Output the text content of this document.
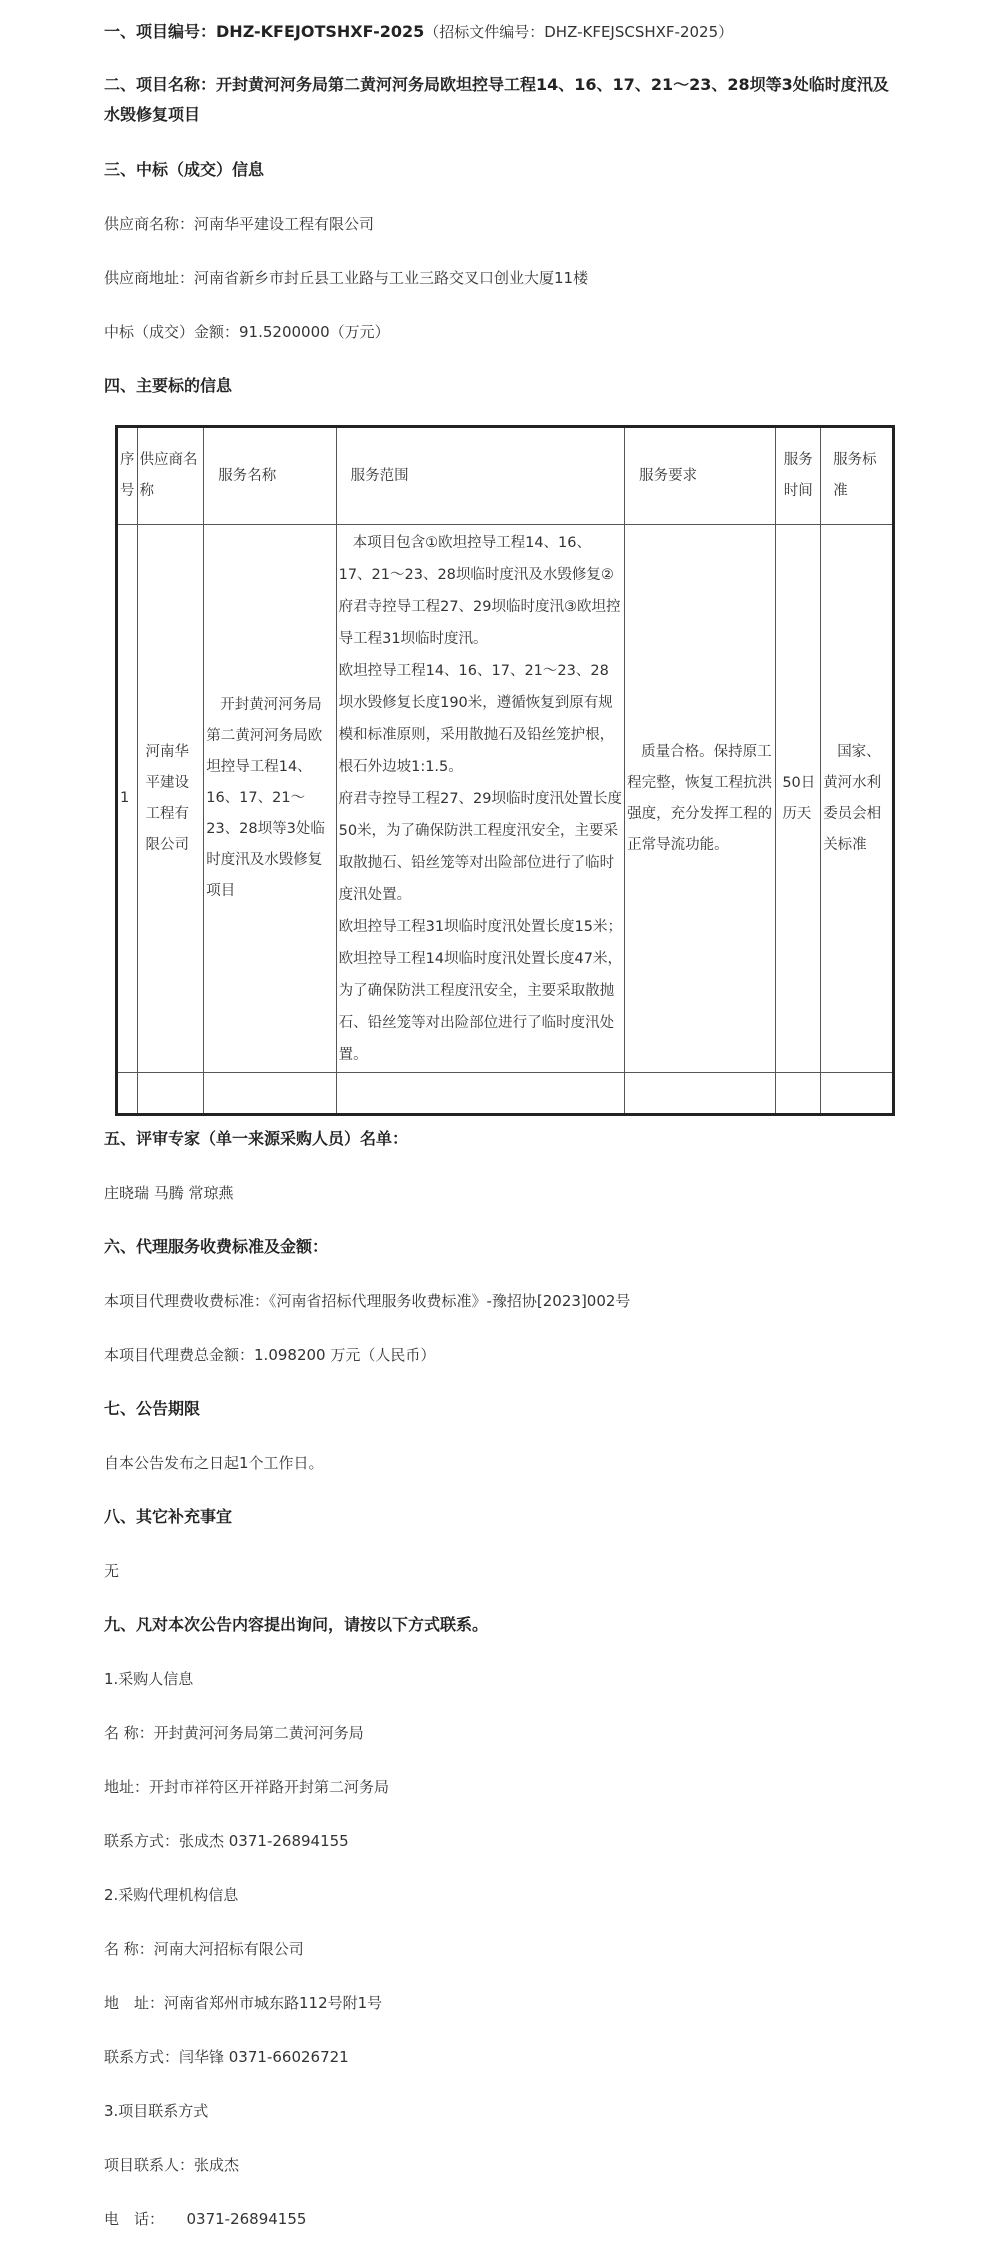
一、项目编号：DHZ-KFEJOTSHXF-2025（招标文件编号：DHZ-KFEJSCSHXF-2025）
二、项目名称：开封黄河河务局第二黄河河务局欧坦控导工程14、16、17、21～23、28坝等3处临时度汛及水毁修复项目
三、中标（成交）信息
供应商名称：河南华平建设工程有限公司
供应商地址：河南省新乡市封丘县工业路与工业三路交叉口创业大厦11楼
中标（成交）金额：91.5200000（万元）
四、主要标的信息
序号	供应商名称	服务名称	服务范围	服务要求	服务时间	服务标准
1	河南华平建设工程有限公司	开封黄河河务局第二黄河河务局欧坦控导工程14、16、17、21～23、28坝等3处临时度汛及水毁修复项目	本项目包含①欧坦控导工程14、16、17、21～23、28坝临时度汛及水毁修复②府君寺控导工程27、29坝临时度汛③欧坦控导工程31坝临时度汛。
欧坦控导工程14、16、17、21～23、28坝水毁修复长度190米，遵循恢复到原有规模和标准原则，采用散抛石及铅丝笼护根，根石外边坡1:1.5。
府君寺控导工程27、29坝临时度汛处置长度50米，为了确保防洪工程度汛安全，主要采取散抛石、铅丝笼等对出险部位进行了临时度汛处置。
欧坦控导工程31坝临时度汛处置长度15米；欧坦控导工程14坝临时度汛处置长度47米，为了确保防洪工程度汛安全，主要采取散抛石、铅丝笼等对出险部位进行了临时度汛处置。	质量合格。保持原工程完整，恢复工程抗洪强度，充分发挥工程的正常导流功能。	50日历天	国家、黄河水利委员会相关标准

五、评审专家（单一来源采购人员）名单：
庄晓瑞 马腾 常琼燕
六、代理服务收费标准及金额：
本项目代理费收费标准：《河南省招标代理服务收费标准》-豫招协[2023]002号
本项目代理费总金额：1.098200 万元（人民币）
七、公告期限
自本公告发布之日起1个工作日。
八、其它补充事宜
无
九、凡对本次公告内容提出询问，请按以下方式联系。
1.采购人信息
名 称：开封黄河河务局第二黄河河务局
地址：开封市祥符区开祥路开封第二河务局
联系方式：张成杰 0371-26894155
2.采购代理机构信息
名 称：河南大河招标有限公司
地　址：河南省郑州市城东路112号附1号
联系方式：闫华锋 0371-66026721
3.项目联系方式
项目联系人：张成杰
电　话：　　0371-26894155
